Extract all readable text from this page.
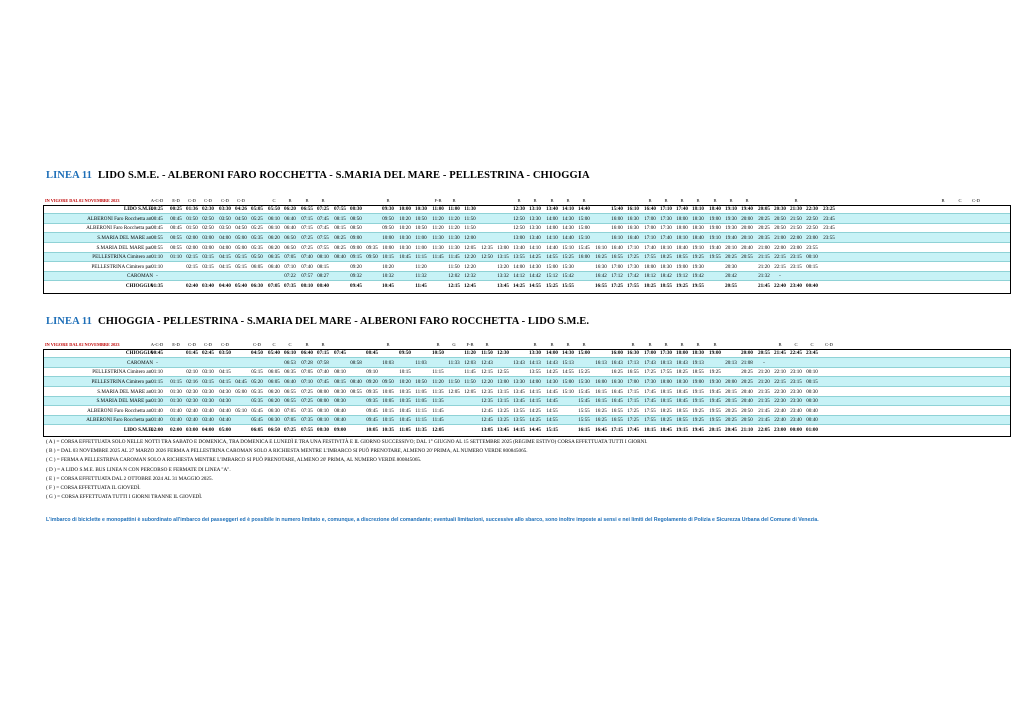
LINEA 11 LIDO S.M.E. - ALBERONI FARO ROCCHETTA - S.MARIA DEL MARE - PELLESTRINA - CHIOGGIA
IN VIGORE DAL 02 NOVEMBRE 2023	A-C-D E-D C-D C-D C-D C-D	C	B	B	B	B	F-B B	B	B	B	B	B	B	B	B	B	B	B	B	B	B	C C-D
LIDO S.M.E.
00:25 00:25 01:36 02:30 03:30 04:26 05:05 05:50 06:20 06:55 07:25 07:55 08:30	09:30 10:00 10:30 11:00 11:00 11:30	12:30 13:10 13:40 14:10 14:40	15:40 16:10 16:40 17:10 17:40 18:10 18:40 19:10 19:40 20:05 20:30 21:30 22:30 23:25
ALBERONI Faro Rocchetta arr.
00:45 00:45 01:50 02:50 03:50 04:50 05:25 06:10 06:40 07:15 07:45 08:15 08:50	09:50 10:20 10:50 11:20 11:20 11:50	12:50 13:30 14:00 14:30 15:00	16:00 16:30 17:00 17:30 18:00 18:30 19:00 19:30 20:00 20:25 20:50 21:50 22:50 23:45
ALBERONI Faro Rocchetta par.
00:45 00:45 01:50 02:50 03:50 04:50 05:25 06:10 06:40 07:15 07:45 08:15 08:50	09:50 10:20 10:50 11:20 11:20 11:50	12:50 13:30 14:00 14:30 15:00	16:00 16:30 17:00 17:30 18:00 18:30 19:00 19:30 20:00 20:25 20:50 21:50 22:50 23:45
S.MARIA DEL MARE arr.
00:55 00:55 02:00 03:00 04:00 05:00 05:35 06:20 06:50 07:25 07:55 08:25 09:00	10:00 10:30 11:00 11:30 11:30 12:00	13:00 13:40 14:10 14:40 15:10	16:10 16:40 17:10 17:40 18:10 18:40 19:10 19:40 20:10 20:35 21:00 22:00 23:00 23:55
S.MARIA DEL MARE par.
00:55 00:55 02:00 03:00 04:00 05:00 05:35 06:20 06:50 07:25 07:55 08:25 09:00 09:35 10:00 10:30 11:00 11:30 11:30 12:05 12:35 13:00 13:40 14:10 14:40 15:10 15:45 16:10 16:40 17:10 17:40 18:10 18:40 19:10 19:40 20:10 20:40 21:00 22:00 23:00 23:55
PELLESTRINA Cimitero arr.
01:10 01:10 02:15 03:15 04:15 05:15 05:50 06:35 07:05 07:40 08:10 08:40 09:15 09:50 10:15 10:45 11:15 11:45 11:45 12:20 12:50 13:15 13:55 14:25 14:55 15:25 16:00 16:25 16:55 17:25 17:55 18:25 18:55 19:25 19:55 20:25 20:55 21:15 22:15 23:15 00:10
PELLESTRINA Cimitero par.
01:10	02:15 03:15 04:15 05:15 06:05 06:40 07:10 07:40 08:15	09:20	10:20	11:20	11:50 12:20	13:20 14:00 14:30 15:00 15:30	16:30 17:00 17:30 18:00 18:30 19:00 19:30	20:30	21:20 22:15 23:15 00:15
CAROMAN -	07:22 07:57 08:27	09:32	10:32	11:32	12:02 12:32	13:32 14:12 14:42 15:12 15:42	16:42 17:12 17:42 18:12 18:42 19:12 19:42	20:42	21:32 -
CHIOGGIA
01:35	02:40 03:40 04:40 05:40 06:30 07:05 07:35 08:10 08:40	09:45	10:45	11:45	12:15 12:45	13:45 14:25 14:55 15:25 15:55	16:55 17:25 17:55 18:25 18:55 19:25 19:55	20:55	21:45 22:40 23:40 00:40
LINEA 11 CHIOGGIA - PELLESTRINA - S.MARIA DEL MARE - ALBERONI FARO ROCCHETTA - LIDO S.M.E.
IN VIGORE DAL 02 NOVEMBRE 2023	A-C-D E-D C-D C-D C-D	C-D	C	C	B	B	B	B	G F-B	B	B	B	B	B	B	B	B	B	B	B	B	C	C	C-D
CHIOGGIA
00:45	01:45 02:45 03:50	04:50 05:40 06:10 06:40 07:15 07:45	08:45	09:50	10:50	11:20 11:50 12:30	13:30 14:00 14:30 15:00	16:00 16:30 17:00 17:30 18:00 18:30 19:00	20:00 20:55 21:45 22:45 23:45
CAROMAN -	06:53 07:28 07:58	08:58	10:03	11:03	11:33 12:03 12:43	13:43 14:13 14:43 15:13	16:13 16:43 17:13 17:43 18:13 18:43 19:13	20:13 21:08 -
PELLESTRINA Cimitero arr.
01:10	02:10 03:10 04:15	05:15 06:05 06:35 07:05 07:40 08:10	09:10	10:15	11:15	11:45 12:15 12:55	13:55 14:25 14:55 15:25	16:25 16:55 17:25 17:55 18:25 18:55 19:25	20:25 21:20 22:10 23:10 00:10
PELLESTRINA Cimitero par.
01:15 01:15 02:16 03:15 04:15 04:45 05:20 06:05 06:40 07:10 07:45 08:15 08:40 09:20 09:50 10:20 10:50 11:20 11:50 11:50 12:20 13:00 13:30 14:00 14:30 15:00 15:30 16:00 16:30 17:00 17:30 18:00 18:30 19:00 19:30 20:00 20:25 21:20 22:15 23:15 00:15
S.MARIA DEL MARE arr.
01:30 01:30 02:30 03:30 04:30 05:00 05:35 06:20 06:55 07:25 08:00 08:30 08:55 09:35 10:05 10:35 11:05 11:35 12:05 12:05 12:35 13:15 13:45 14:15 14:45 15:10 15:45 16:15 16:45 17:15 17:45 18:15 18:45 19:15 19:45 20:15 20:40 21:35 22:30 23:30 00:30
S.MARIA DEL MARE par.
01:30 01:30 02:30 03:30 04:30	05:35 06:20 06:55 07:25 08:00 08:30	09:35 10:05 10:35 11:05 11:35	12:35 13:15 13:45 14:15 14:45	15:45 16:15 16:45 17:15 17:45 18:15 18:45 19:15 19:45 20:15 20:40 21:35 22:30 23:30 00:30
ALBERONI Faro Rocchetta arr.
01:40 01:40 02:40 03:40 04:40 05:10 05:45 06:30 07:05 07:35 08:10 08:40	09:45 10:15 10:45 11:15 11:45	12:45 13:25 13:55 14:25 14:55	15:55 16:25 16:55 17:25 17:55 18:25 18:55 19:25 19:55 20:25 20:50 21:45 22:40 23:40 00:40
ALBERONI Faro Rocchetta par.
01:40 01:40 02:40 03:40 04:40	05:45 06:30 07:05 07:35 08:10 08:40	09:45 10:15 10:45 11:15 11:45	12:45 13:25 13:55 14:25 14:55	15:55 16:25 16:55 17:25 17:55 18:25 18:55 19:25 19:55 20:25 20:50 21:45 22:40 23:40 00:40
LIDO S.M.E.
02:00 02:00 03:00 04:00 05:00	06:05 06:50 07:25 07:55 08:30 09:00	10:05 10:35 11:05 11:35 12:05	13:05 13:45 14:15 14:45 15:15	16:15 16:45 17:15 17:45 18:15 18:45 19:15 19:45 20:15 20:45 21:10 22:05 23:00 00:00 01:00
( A ) = CORSA EFFETTUATA SOLO NELLE NOTTI TRA SABATO E DOMENICA, TRA DOMENICA E LUNEDÌ E TRA UNA FESTIVITÀ E IL GIORNO SUCCESSIVO; DAL 1° GIUGNO AL 15 SETTEMBRE 2025 (REGIME ESTIVO) CORSA EFFETTUATA TUTTI I GIORNI.
( B ) = DAL 03 NOVEMBRE 2025 AL 27 MARZO 2026 FERMA A PELLESTRINA CAROMAN SOLO A RICHIESTA MENTRE L'IMBARCO SI PUÒ PRENOTARE, ALMENO 20' PRIMA, AL NUMERO VERDE 800845065.
( C ) = FERMA A PELLESTRINA CAROMAN SOLO A RICHIESTA MENTRE L'IMBARCO SI PUÒ PRENOTARE, ALMENO 20' PRIMA, AL NUMERO VERDE 800845065.
( D ) = A LIDO S.M.E. BUS LINEA N CON PERCORSO E FERMATE DI LINEA "A".
( E ) = CORSA EFFETTUATA DAL 2 OTTOBRE 2024 AL 31 MAGGIO 2025.
( F ) = CORSA EFFETTUATA IL GIOVEDÌ.
( G ) = CORSA EFFETTUATA TUTTI I GIORNI TRANNE IL GIOVEDÌ.
L'imbarco di biciclette e monopattini è subordinato all'imbarco dei passeggeri ed è possibile in numero limitato e, comunque, a discrezione del comandante; eventuali limitazioni, successive allo sbarco, sono inoltre imposte ai sensi e nei limiti del Regolamento di Polizia e Sicurezza Urbana del Comune di Venezia.
